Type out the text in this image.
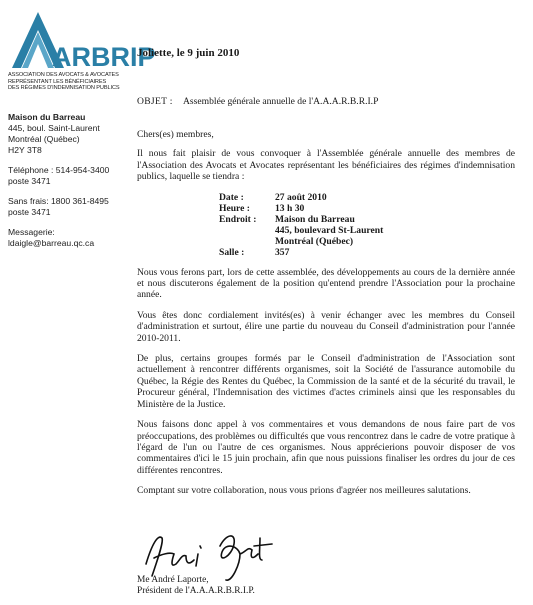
ARBRIP
ASSOCIATION DES AVOCATS & AVOCATES
REPRÉSENTANT LES BÉNÉFICIAIRES
DES RÉGIMES D'INDEMNISATION PUBLICS
Maison du Barreau
445, boul. Saint-Laurent
Montréal (Québec)
H2Y 3T8
Téléphone : 514-954-3400
poste 3471
Sans frais: 1800 361-8495
poste 3471
Messagerie:
ldaigle@barreau.qc.ca
Joliette, le 9 juin 2010
OBJET : Assemblée générale annuelle de l'A.A.A.R.B.R.I.P

Chers(es) membres,

Il nous fait plaisir de vous convoquer à l'Assemblée générale annuelle des membres de l'Association des Avocats et Avocates représentant les bénéficiaires des régimes d'indemnisation publics, laquelle se tiendra :

Date :	27 août 2010
Heure :	13 h 30
Endroit :	Maison du Barreau
445, boulevard St-Laurent
Montréal (Québec)
Salle :	357

Nous vous ferons part, lors de cette assemblée, des développements au cours de la dernière année et nous discuterons également de la position qu'entend prendre l'Association pour la prochaine année.

Vous êtes donc cordialement invités(es) à venir échanger avec les membres du Conseil d'administration et surtout, élire une partie du nouveau du Conseil d'administration pour l'année 2010-2011.

De plus, certains groupes formés par le Conseil d'administration de l'Association sont actuellement à rencontrer différents organismes, soit la Société de l'assurance automobile du Québec, la Régie des Rentes du Québec, la Commission de la santé et de la sécurité du travail, le Procureur général, l'Indemnisation des victimes d'actes criminels ainsi que les responsables du Ministère de la Justice.

Nous faisons donc appel à vos commentaires et vous demandons de nous faire part de vos préoccupations, des problèmes ou difficultés que vous rencontrez dans le cadre de votre pratique à l'égard de l'un ou l'autre de ces organismes. Nous apprécierions pouvoir disposer de vos commentaires d'ici le 15 juin prochain, afin que nous puissions finaliser les ordres du jour de ces différentes rencontres.

Comptant sur votre collaboration, nous vous prions d'agréer nos meilleures salutations.

Me André Laporte,
Président de l'A.A.A.R.B.R.I.P.
